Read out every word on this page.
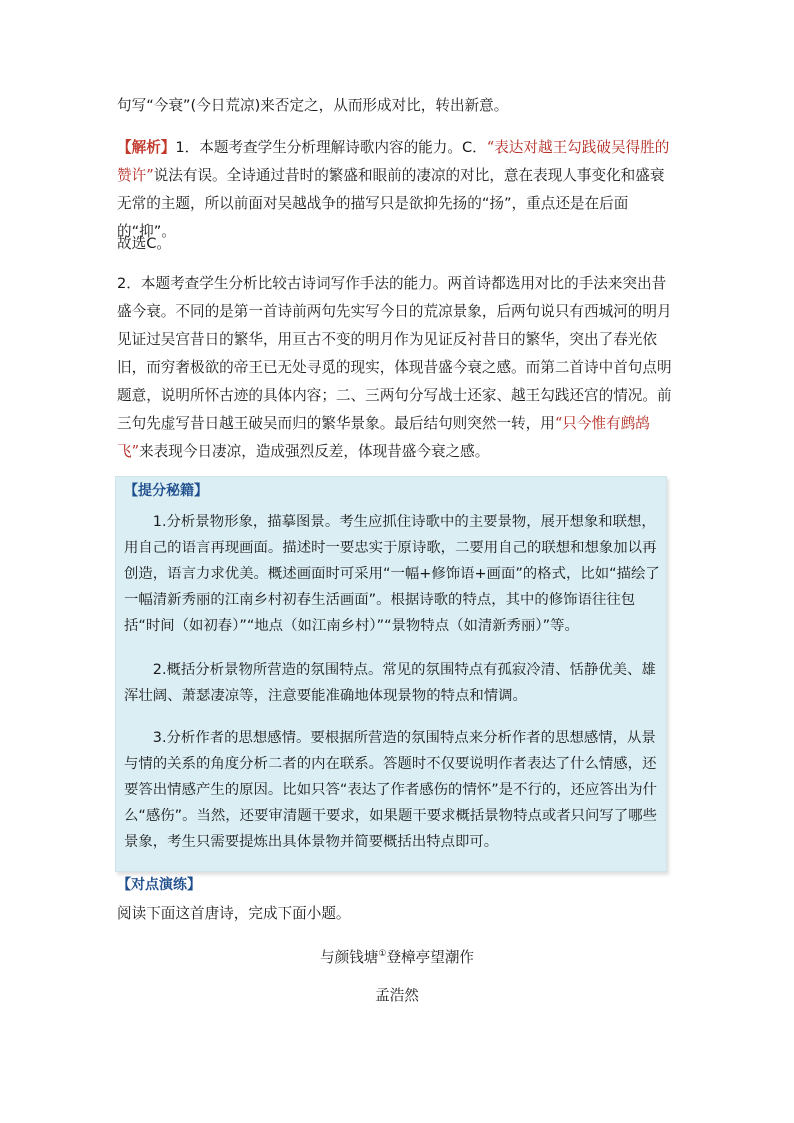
句写“今衰”(今日荒凉)来否定之，从而形成对比，转出新意。

【解析】1．本题考查学生分析理解诗歌内容的能力。C．“表达对越王勾践破吴得胜的赞许”说法有误。全诗通过昔时的繁盛和眼前的凄凉的对比，意在表现人事变化和盛衰无常的主题，所以前面对吴越战争的描写只是欲抑先扬的“扬”，重点还是在后面的“抑”。

故选C。

2．本题考查学生分析比较古诗词写作手法的能力。两首诗都选用对比的手法来突出昔盛今衰。不同的是第一首诗前两句先实写今日的荒凉景象，后两句说只有西城河的明月见证过吴宫昔日的繁华，用亘古不变的明月作为见证反衬昔日的繁华，突出了春光依旧，而穷奢极欲的帝王已无处寻觅的现实，体现昔盛今衰之感。而第二首诗中首句点明题意，说明所怀古迹的具体内容；二、三两句分写战士还家、越王勾践还宫的情况。前三句先虚写昔日越王破吴而归的繁华景象。最后结句则突然一转，用“只今惟有鹧鸪飞”来表现今日凄凉，造成强烈反差，体现昔盛今衰之感。

【提分秘籍】

1.分析景物形象，描摹图景。考生应抓住诗歌中的主要景物，展开想象和联想，用自己的语言再现画面。描述时一要忠实于原诗歌，二要用自己的联想和想象加以再创造，语言力求优美。概述画面时可采用“一幅+修饰语+画面”的格式，比如“描绘了一幅清新秀丽的江南乡村初春生活画面”。根据诗歌的特点，其中的修饰语往往包括“时间（如初春）”“地点（如江南乡村）”“景物特点（如清新秀丽）”等。

2.概括分析景物所营造的氛围特点。常见的氛围特点有孤寂冷清、恬静优美、雄浑壮阔、萧瑟凄凉等，注意要能准确地体现景物的特点和情调。

3.分析作者的思想感情。要根据所营造的氛围特点来分析作者的思想感情，从景与情的关系的角度分析二者的内在联系。答题时不仅要说明作者表达了什么情感，还要答出情感产生的原因。比如只答“表达了作者感伤的情怀”是不行的，还应答出为什么“感伤”。当然，还要审清题干要求，如果题干要求概括景物特点或者只问写了哪些景象，考生只需要提炼出具体景物并简要概括出特点即可。

【对点演练】

阅读下面这首唐诗，完成下面小题。

与颜钱塘①登樟亭望潮作

孟浩然
